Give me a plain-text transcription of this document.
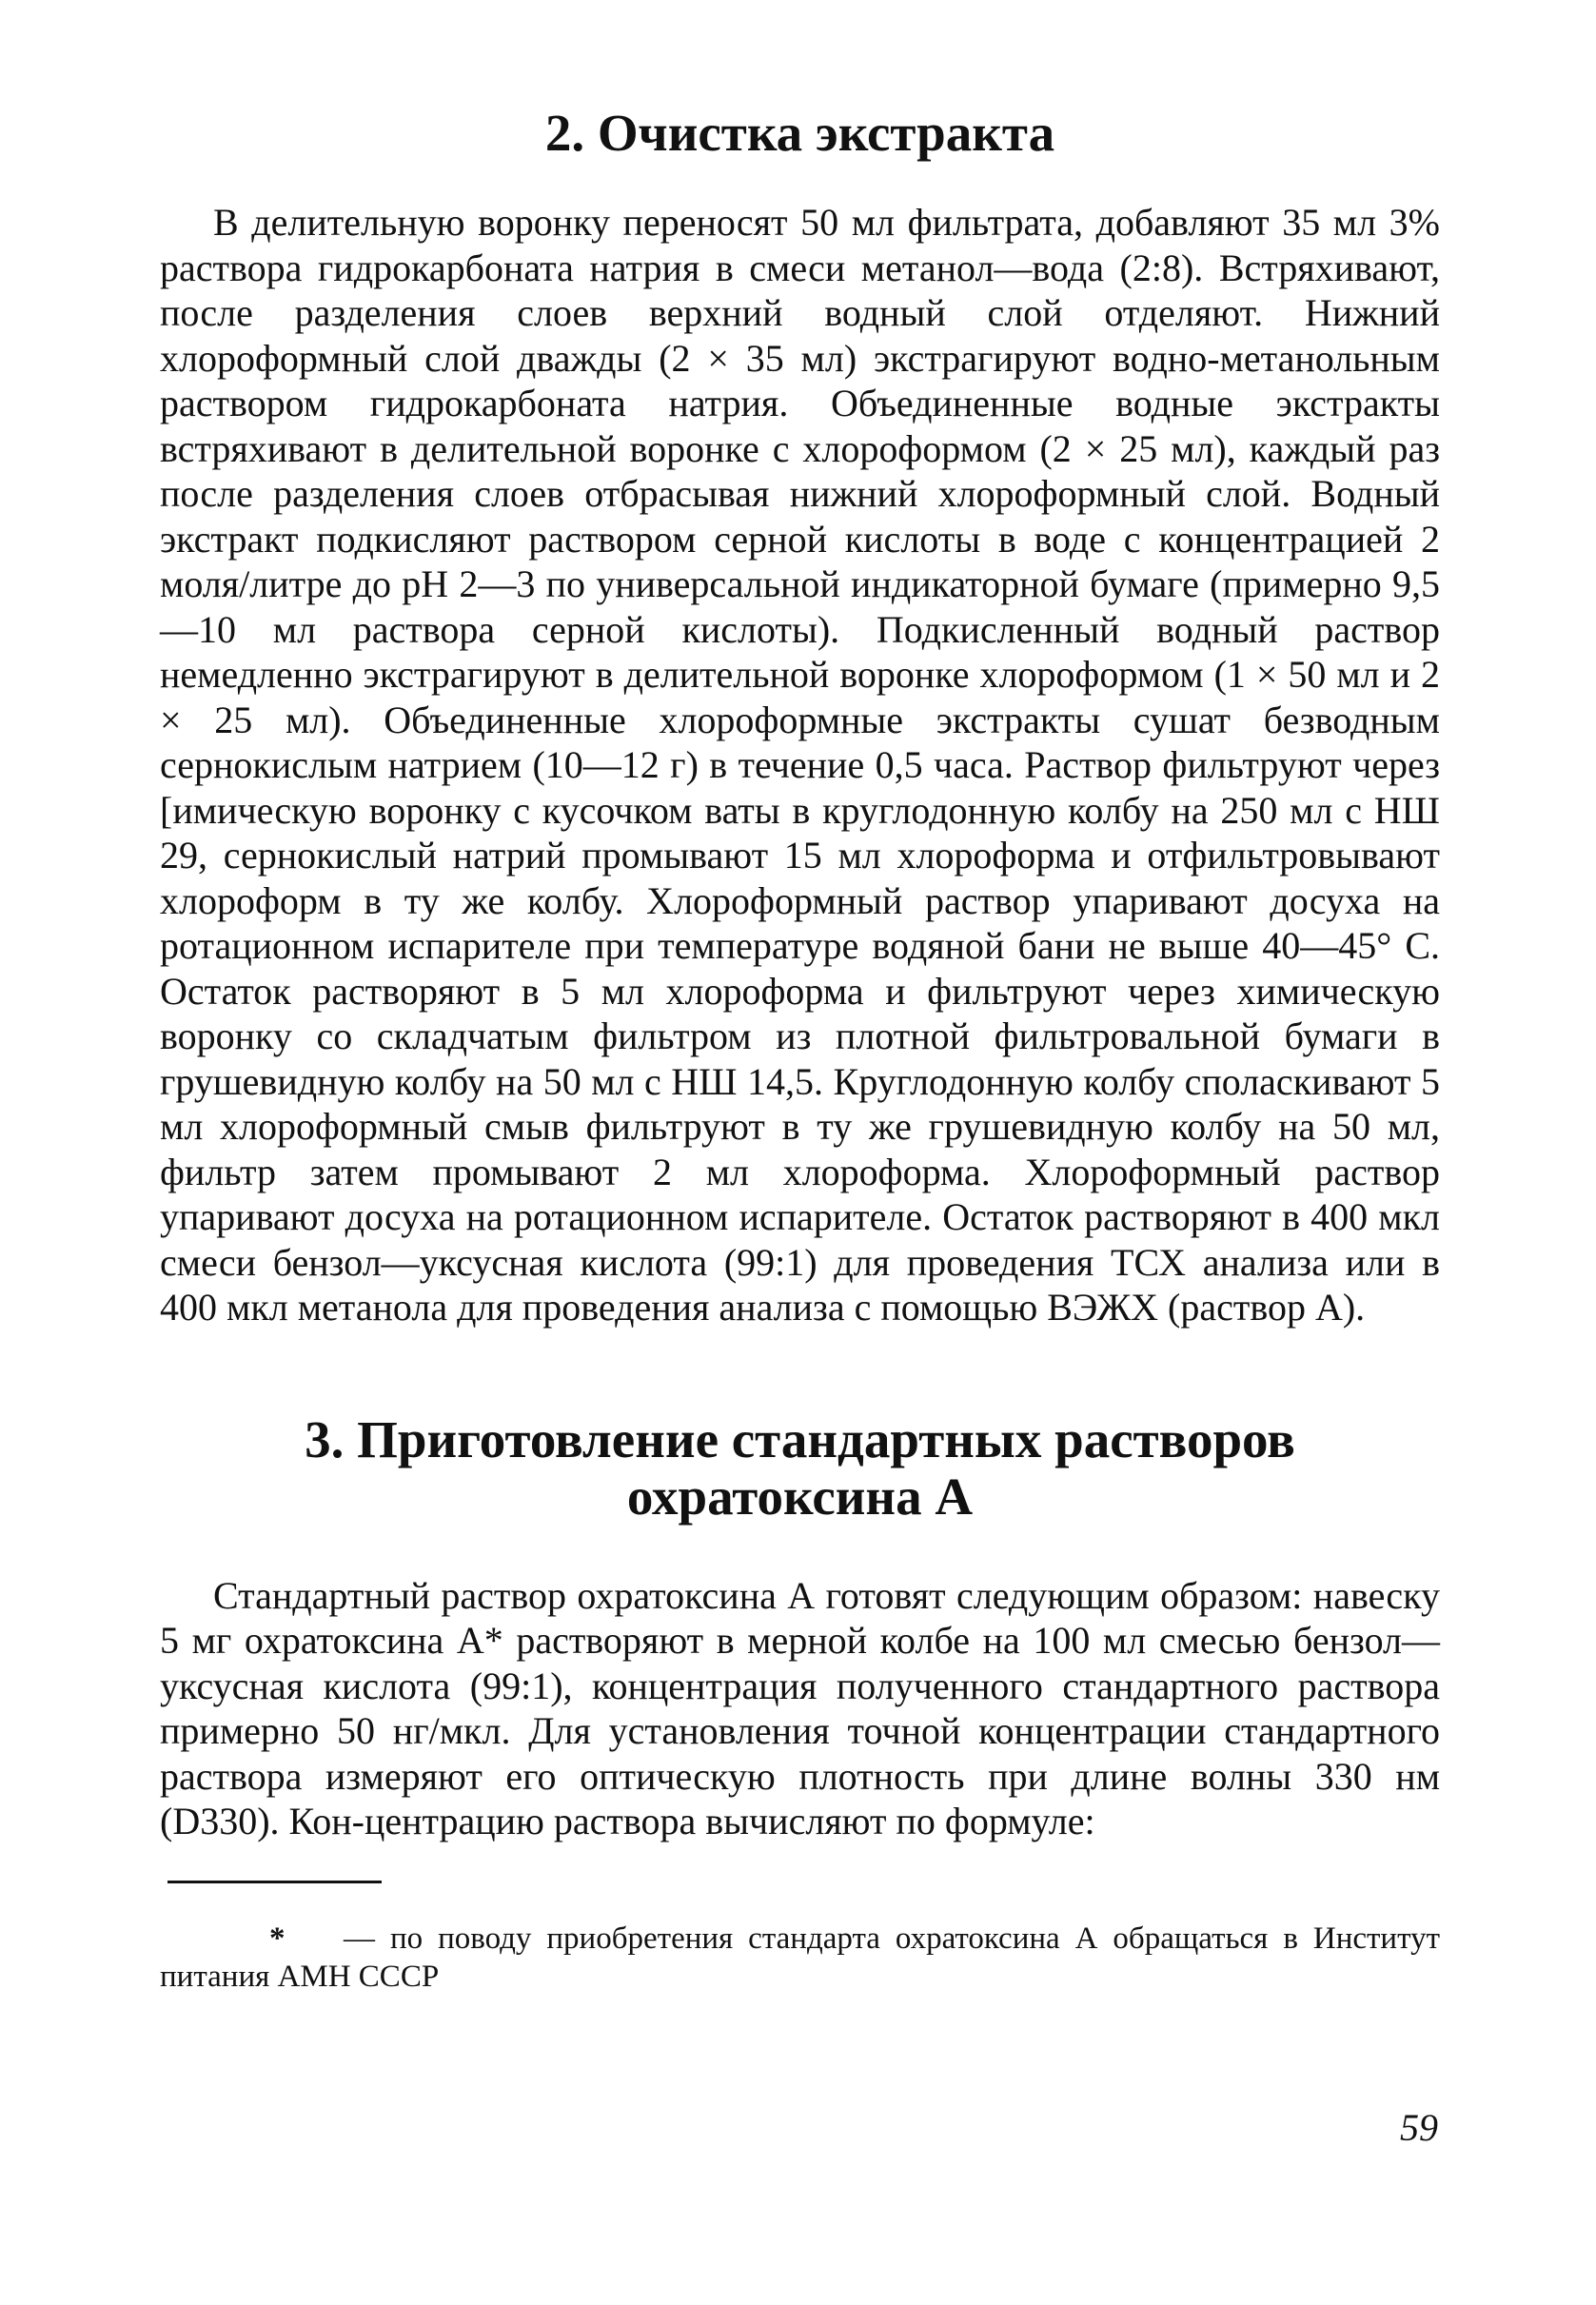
2. Очистка экстракта

В делительную воронку переносят 50 мл фильтрата, добавляют 35 мл 3% раствора гидрокарбоната натрия в смеси метанол—вода (2:8). Встряхивают, после разделения слоев верхний водный слой отделяют. Нижний хлороформный слой дважды (2 × 35 мл) экстрагируют водно-метанольным раствором гидрокарбоната натрия. Объединенные водные экстракты встряхивают в делительной воронке с хлороформом (2 × 25 мл), каждый раз после разделения слоев отбрасывая нижний хлороформный слой. Водный экстракт подкисляют раствором серной кислоты в воде с концентрацией 2 моля/литре до pH 2—3 по универсальной индикаторной бумаге (примерно 9,5—10 мл раствора серной кислоты). Подкисленный водный раствор немедленно экстрагируют в делительной воронке хлороформом (1 × 50 мл и 2 × 25 мл). Объединенные хлороформные экстракты сушат безводным сернокислым натрием (10—12 г) в течение 0,5 часа. Раствор фильтруют через [имическую воронку с кусочком ваты в круглодонную колбу на 250 мл с НШ 29, сернокислый натрий промывают 15 мл хлороформа и отфильтровывают хлороформ в ту же колбу. Хлороформный раствор упаривают досуха на ротационном испарителе при температуре водяной бани не выше 40—45° С. Остаток растворяют в 5 мл хлороформа и фильтруют через химическую воронку со складчатым фильтром из плотной фильтровальной бумаги в грушевидную колбу на 50 мл с НШ 14,5. Круглодонную колбу споласкивают 5 мл хлороформный смыв фильтруют в ту же грушевидную колбу на 50 мл, фильтр затем промывают 2 мл хлороформа. Хлороформный раствор упаривают досуха на ротационном испарителе. Остаток растворяют в 400 мкл смеси бензол—уксусная кислота (99:1) для проведения ТСХ анализа или в 400 мкл метанола для проведения анализа с помощью ВЭЖХ (раствор А).

3. Приготовление стандартных растворов
охратоксина А

Стандартный раствор охратоксина А готовят следующим образом: навеску 5 мг охратоксина А* растворяют в мерной колбе на 100 мл смесью бензол—уксусная кислота (99:1), концентрация полученного стандартного раствора примерно 50 нг/мкл. Для установления точной концентрации стандартного раствора измеряют его оптическую плотность при длине волны 330 нм (D330). Кон-центрацию раствора вычисляют по формуле:

* — по поводу приобретения стандарта охратоксина А обращаться в Институт питания АМН СССР
59
